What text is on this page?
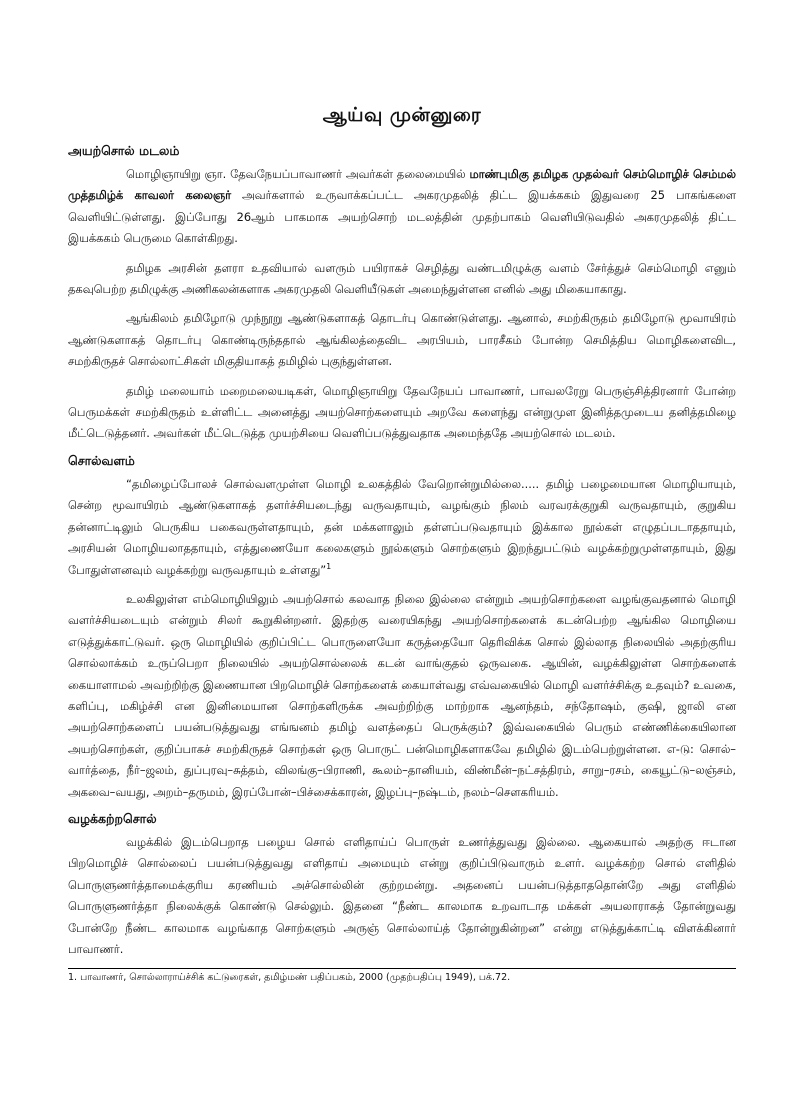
ஆய்வு முன்னுரை
அயற்சொல் மடலம்

மொழிஞாயிறு ஞா. தேவநேயப்பாவாணர் அவர்கள் தலைமையில் மாண்புமிகு தமிழக முதல்வர் செம்மொழிச் செம்மல் முத்தமிழ்க் காவலர் கலைஞர் அவர்களால் உருவாக்கப்பட்ட அகரமுதலித் திட்ட இயக்ககம் இதுவரை 25 பாகங்களை வெளியிட்டுள்ளது. இப்போது 26ஆம் பாகமாக அயற்சொற் மடலத்தின் முதற்பாகம் வெளியிடுவதில் அகரமுதலித் திட்ட இயக்ககம் பெருமை கொள்கிறது.

தமிழக அரசின் தளரா உதவியால் வளரும் பயிராகச் செழித்து வண்டமிழுக்கு வளம் சேர்த்துச் செம்மொழி எனும் தகவுபெற்ற தமிழுக்கு அணிகலன்களாக அகரமுதலி வெளியீடுகள் அமைந்துள்ளன எனில் அது மிகையாகாது.

ஆங்கிலம் தமிழோடு முந்நூறு ஆண்டுகளாகத் தொடர்பு கொண்டுள்ளது. ஆனால், சமற்கிருதம் தமிழோடு மூவாயிரம் ஆண்டுகளாகத் தொடர்பு கொண்டிருந்ததால் ஆங்கிலத்தைவிட அரபியம், பாரசீகம் போன்ற செமித்திய மொழிகளைவிட, சமற்கிருதச் சொல்லாட்சிகள் மிகுதியாகத் தமிழில் புகுந்துள்ளன.

தமிழ் மலையாம் மறைமலையடிகள், மொழிஞாயிறு தேவநேயப் பாவாணர், பாவலரேறு பெருஞ்சித்திரனார் போன்ற பெருமக்கள் சமற்கிருதம் உள்ளிட்ட அனைத்து அயற்சொற்களையும் அறவே களைந்து என்றுமுள இனித்தமுடைய தனித்தமிழை மீட்டெடுத்தனர். அவர்கள் மீட்டெடுத்த முயற்சியை வெளிப்படுத்துவதாக அமைந்ததே அயற்சொல் மடலம்.

சொல்வளம்

“தமிழைப்போலச் சொல்வளமுள்ள மொழி உலகத்தில் வேறொன்றுமில்லை..... தமிழ் பழைமையான மொழியாயும், சென்ற மூவாயிரம் ஆண்டுகளாகத் தளர்ச்சியடைந்து வருவதாயும், வழங்கும் நிலம் வரவரக்குறுகி வருவதாயும், குறுகிய தன்னாட்டிலும் பெருகிய பகைவருள்ளதாயும், தன் மக்களாலும் தள்ளப்படுவதாயும் இக்கால நூல்கள் எழுதப்படாததாயும், அரசியன் மொழியலாததாயும், எத்துணையோ கலைகளும் நூல்களும் சொற்களும் இறந்துபட்டும் வழக்கற்றுமுள்ளதாயும், இது போதுள்ளனவும் வழக்கற்று வருவதாயும் உள்ளது”$^1$

உலகிலுள்ள எம்மொழியிலும் அயற்சொல் கலவாத நிலை இல்லை என்றும் அயற்சொற்களை வழங்குவதனால் மொழி வளர்ச்சியடையும் என்றும் சிலர் கூறுகின்றனர். இதற்கு வரையிகந்து அயற்சொற்களைக் கடன்பெற்ற ஆங்கில மொழியை எடுத்துக்காட்டுவர். ஒரு மொழியில் குறிப்பிட்ட பொருளையோ கருத்தையோ தெரிவிக்க சொல் இல்லாத நிலையில் அதற்குரிய சொல்லாக்கம் உருப்பெறா நிலையில் அயற்சொல்லைக் கடன் வாங்குதல் ஒருவகை. ஆயின், வழக்கிலுள்ள சொற்களைக் கையாளாமல் அவற்றிற்கு இணையான பிறமொழிச் சொற்களைக் கையாள்வது எவ்வகையில் மொழி வளர்ச்சிக்கு உதவும்? உவகை, களிப்பு, மகிழ்ச்சி என இனிமையான சொற்களிருக்க அவற்றிற்கு மாற்றாக ஆனந்தம், சந்தோஷம், குஷி, ஜாலி என அயற்சொற்களைப் பயன்படுத்துவது எங்ஙனம் தமிழ் வளத்தைப் பெருக்கும்? இவ்வகையில் பெரும் எண்ணிக்கையிலான அயற்சொற்கள், குறிப்பாகச் சமற்கிருதச் சொற்கள் ஒரு பொருட் பன்மொழிகளாகவே தமிழில் இடம்பெற்றுள்ளன. எ-டு: சொல்–வார்த்தை, நீர்–ஜலம், துப்புரவு–சுத்தம், விலங்கு–பிராணி, கூலம்–தானியம், விண்மீன்–நட்சத்திரம், சாறு–ரசம், கையூட்டு–லஞ்சம், அகவை–வயது, அறம்–தருமம், இரப்போன்–பிச்சைக்காரன், இழப்பு–நஷ்டம், நலம்–சௌகரியம்.

வழக்கற்றசொல்

வழக்கில் இடம்பெறாத பழைய சொல் எளிதாய்ப் பொருள் உணர்த்துவது இல்லை. ஆகையால் அதற்கு ஈடான பிறமொழிச் சொல்லைப் பயன்படுத்துவது எளிதாய் அமையும் என்று குறிப்பிடுவாரும் உளர். வழக்கற்ற சொல் எளிதில் பொருளுணர்த்தாமைக்குரிய கரணியம் அச்சொல்லின் குற்றமன்று. அதனைப் பயன்படுத்தாததொன்றே அது எளிதில் பொருளுணர்த்தா நிலைக்குக் கொண்டு செல்லும். இதனை “நீண்ட காலமாக உறவாடாத மக்கள் அயலாராகத் தோன்றுவது போன்றே நீண்ட காலமாக வழங்காத சொற்களும் அருஞ் சொல்லாய்த் தோன்றுகின்றன” என்று எடுத்துக்காட்டி விளக்கினார் பாவாணர்.

1. பாவாணர், சொல்லாராய்ச்சிக் கட்டுரைகள், தமிழ்மண் பதிப்பகம், 2000 (முதற்பதிப்பு 1949), பக்.72.
